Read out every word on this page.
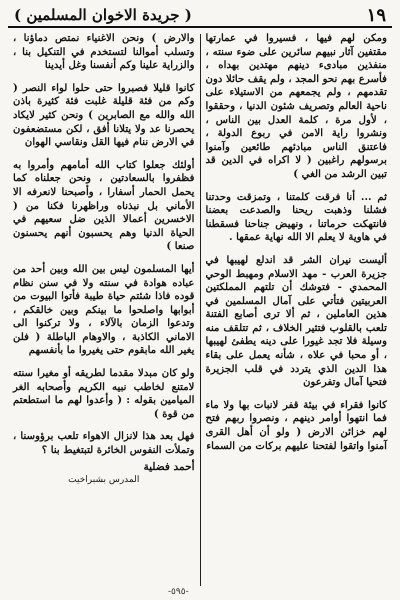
١٩
( جريدة الاخوان المسلمين )

ومكن لهم فيها ، فسيروا في عمارتها مقتفين آثار نبيهم سائرين على ضوء سنته ، منفذين مبادىء دينهم مهتدين بهداه ، فأسرع بهم نحو المجد ، ولم يقف حائلا دون تقدمهم ، ولم يجمعهم من الاستيلاء على ناحية العالم وتصريف شئون الدنيا ، وحققوا ، لأول مرة ، كلمة العدل بين الناس ، ونشروا راية الامن في ربوع الدولة ، فاعتنق الناس مبادئهم طائعين وآمنوا برسولهم راغبين ( لا اكراه في الدين قد تبين الرشد من الغي )

ثم ... أنا فرقت كلمتنا ، وتمزقت وحدتنا فشلنا وذهبت ريحنا والصدعت بعضنا فانتهكت حرماتنا ، ونهيض جناحنا فسقطنا في هاوية لا يعلم الا الله نهاية عمقها .

أليست نيران الشر قد اندلع لهيبها في جزيرة العرب - مهد الاسلام ومهبط الوحي المحمدي - فتوشك أن تلتهم المملكتين العربيتين فتأتي على آمال المسلمين في هذين العاملين ، ثم ألا ترى أصابع الفتنة تلعب بالقلوب فتثير الخلاف ، ثم تتلقف منه وسيلة فلا تجد غيورا على دينه يطفئ لهيبها ، أو محبا في علاه ، شأنه يعمل على بقاء هذا الدين الذي يتردد في قلب الجزيرة فتحيا آمال وتفرعون

كانوا فقراء في بيئة قفر لانبات بها ولا ماء فما انتهوا أوامر دينهم ، ونصروا ربهم فتح لهم خزائن الارض ( ولو أن أهل القرى آمنوا واتقوا لفتحنا عليهم بركات من السماء

والارض ) ونحن الاغنياء نمتص دماؤنا ، وتسلب أموالنا لتستخدم في التنكيل بنا ، والزراية علينا وكم أنفسنا وغل أيدينا

كانوا قليلا فصبروا حتى حلوا لواء النصر ( وكم من فئة قليلة غلبت فئة كثيرة باذن الله والله مع الصابرين ) ونحن كثير لايكاد يحصرنا عد ولا يتلانا أفق ، لكن مستضعفون في الارض ننام فيها القل ونقاسي الهوان

أولئك جعلوا كتاب الله أمامهم وأمروا به فظفروا بالسعادتين ، ونحن جعلناه كما يحمل الحمار أسفارا ، وأصبحنا لانعرفه الا الأماني بل نبذناه وراظهرنا فكنا من ( الاخسرين أعمالا الذين ضل سعيهم في الحياة الدنيا وهم يحسبون أنهم يحسنون صنعا )

أيها المسلمون ليس بين الله وبين أحد من عباده هوادة في سنته ولا في سنن نظام قوده فاذا شئتم حياة طيبة فأتوا البيوت من أبوابها واصلحوا ما بينكم وبين خالقكم ، وتدعوا الزمان بالآلاء ، ولا تركنوا الى الاماني الكاذبة ، والاوهام الباطلة ( فلن يغير الله مابقوم حتى يغيروا ما بأنفسهم

ولو كان مبدلا مقدما لطريقه أو مغيرا سنته لامتنع لخاطب نبيه الكريم وأصحابه الغر الميامين بقوله : ( وأعدوا لهم ما استطعتم من قوة )

فهل بعد هذا لانزال الاهواء تلعب برؤوسنا ، وتملأت النفوس الخائرة لتبتغيط بنا ؟

أحمد فضلية
المدرس بشبراخيت
-٥٩٥-
